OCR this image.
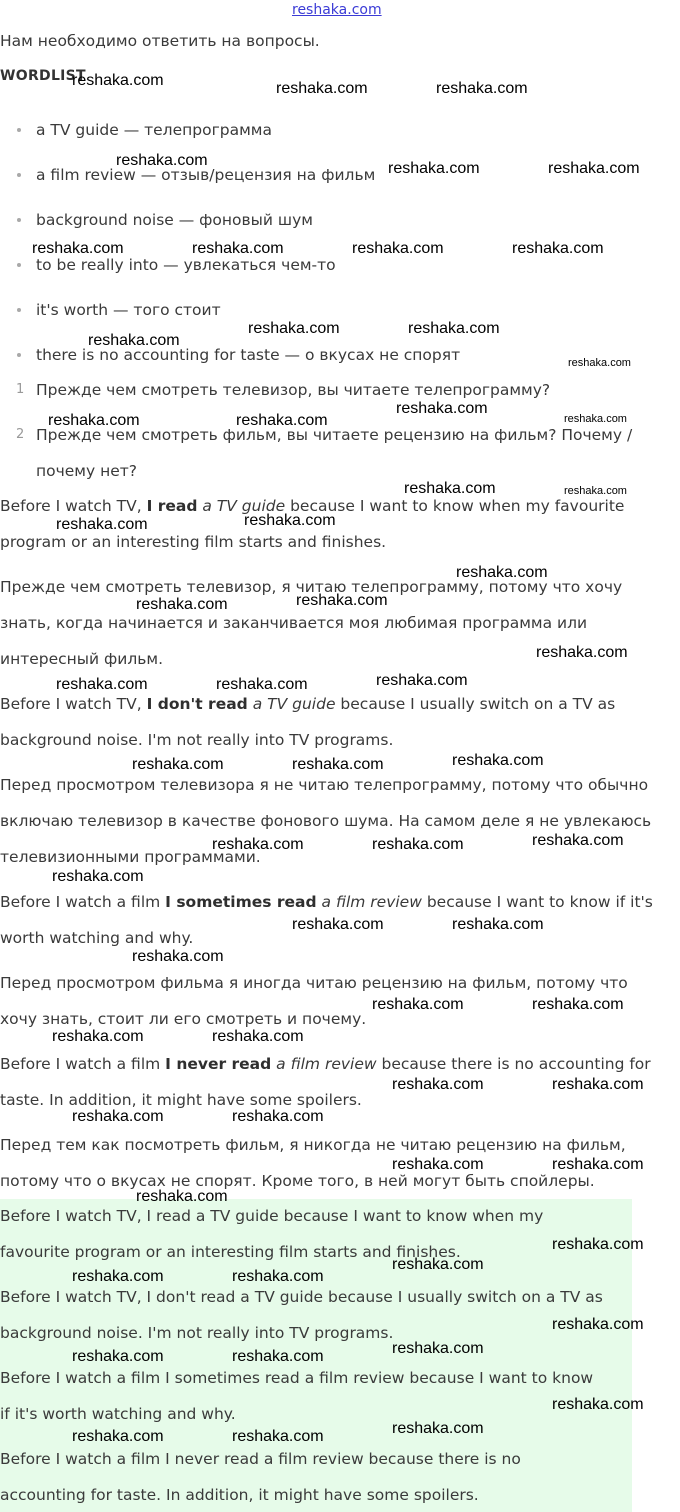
reshaka.com
Нам необходимо ответить на вопросы.
WORDLIST
a TV guide — телепрограмма
a film review — отзыв/рецензия на фильм
background noise — фоновый шум
to be really into — увлекаться чем-то
it's worth — того стоит
there is no accounting for taste — о вкусах не спорят
1 Прежде чем смотреть телевизор, вы читаете телепрограмму?
2 Прежде чем смотреть фильм, вы читаете рецензию на фильм? Почему /
почему нет?
Before I watch TV, I read a TV guide because I want to know when my favourite
program or an interesting film starts and finishes.
Прежде чем смотреть телевизор, я читаю телепрограмму, потому что хочу
знать, когда начинается и заканчивается моя любимая программа или
интересный фильм.
Before I watch TV, I don't read a TV guide because I usually switch on a TV as
background noise. I'm not really into TV programs.
Перед просмотром телевизора я не читаю телепрограмму, потому что обычно
включаю телевизор в качестве фонового шума. На самом деле я не увлекаюсь
телевизионными программами.
Before I watch a film I sometimes read a film review because I want to know if it's
worth watching and why.
Перед просмотром фильма я иногда читаю рецензию на фильм, потому что
хочу знать, стоит ли его смотреть и почему.
Before I watch a film I never read a film review because there is no accounting for
taste. In addition, it might have some spoilers.
Перед тем как посмотреть фильм, я никогда не читаю рецензию на фильм,
потому что о вкусах не спорят. Кроме того, в ней могут быть спойлеры.
Before I watch TV, I read a TV guide because I want to know when my
favourite program or an interesting film starts and finishes.
Before I watch TV, I don't read a TV guide because I usually switch on a TV as
background noise. I'm not really into TV programs.
Before I watch a film I sometimes read a film review because I want to know
if it's worth watching and why.
Before I watch a film I never read a film review because there is no
accounting for taste. In addition, it might have some spoilers.
reshaka.com	reshaka.com	reshaka.com
reshaka.com	reshaka.com	reshaka.com
reshaka.com	reshaka.com	reshaka.com	reshaka.com
reshaka.com	reshaka.com
reshaka.com
reshaka.com
reshaka.com
reshaka.com	reshaka.com	reshaka.com
reshaka.com	reshaka.com
reshaka.com
reshaka.com
reshaka.com
reshaka.com
reshaka.com
reshaka.com
reshaka.com
reshaka.com	reshaka.com
reshaka.com
reshaka.com	reshaka.com
reshaka.com
reshaka.com	reshaka.com
reshaka.com
reshaka.com	reshaka.com
reshaka.com
reshaka.com	reshaka.com
reshaka.com	reshaka.com
reshaka.com	reshaka.com
reshaka.com	reshaka.com
reshaka.com	reshaka.com
reshaka.com
reshaka.com
reshaka.com
reshaka.com	reshaka.com
reshaka.com
reshaka.com
reshaka.com	reshaka.com
reshaka.com
reshaka.com
reshaka.com	reshaka.com
